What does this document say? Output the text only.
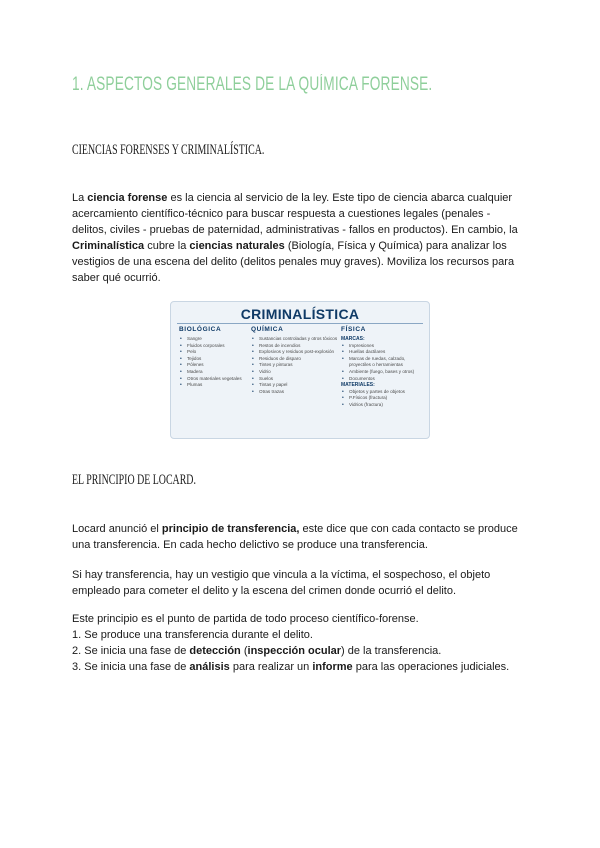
1. ASPECTOS GENERALES DE LA QUÍMICA FORENSE.
CIENCIAS FORENSES Y CRIMINALÍSTICA.

La ciencia forense es la ciencia al servicio de la ley. Este tipo de ciencia abarca cualquier acercamiento científico-técnico para buscar respuesta a cuestiones legales (penales - delitos, civiles - pruebas de paternidad, administrativas - fallos en productos). En cambio, la Criminalística cubre la ciencias naturales (Biología, Física y Química) para analizar los vestigios de una escena del delito (delitos penales muy graves). Moviliza los recursos para saber qué ocurrió.

CRIMINALÍSTICA
BIOLÓGICA
• Sangre
• Fluidos corporales
• Pelo
• Tejidos
• Pólenes
• Madera
• Otros materiales vegetales
• Plumas
QUÍMICA
• Sustancias controladas y otros tóxicos
• Restos de incendios
• Explosivos y residuos post-explosión
• Residuos de disparo
• Tintes y pinturas
• Vidrio
• Suelos
• Tintas y papel
• Otras trazas
FÍSICA
MARCAS:
• Impresiones
• Huellas dactilares
• Marcas de ruedas, calzado, proyectiles o herramientas
• Ambiente (fuego, bases y otros)
• Documentos
MATERIALES:
• Objetos y partes de objetos
• P.Físicos (fractura)
• Vidrios (fractura)
EL PRINCIPIO DE LOCARD.

Locard anunció el principio de transferencia, este dice que con cada contacto se produce una transferencia. En cada hecho delictivo se produce una transferencia.

Si hay transferencia, hay un vestigio que vincula a la víctima, el sospechoso, el objeto empleado para cometer el delito y la escena del crimen donde ocurrió el delito.

Este principio es el punto de partida de todo proceso científico-forense.

1. Se produce una transferencia durante el delito.

2. Se inicia una fase de detección (inspección ocular) de la transferencia.

3. Se inicia una fase de análisis para realizar un informe para las operaciones judiciales.
